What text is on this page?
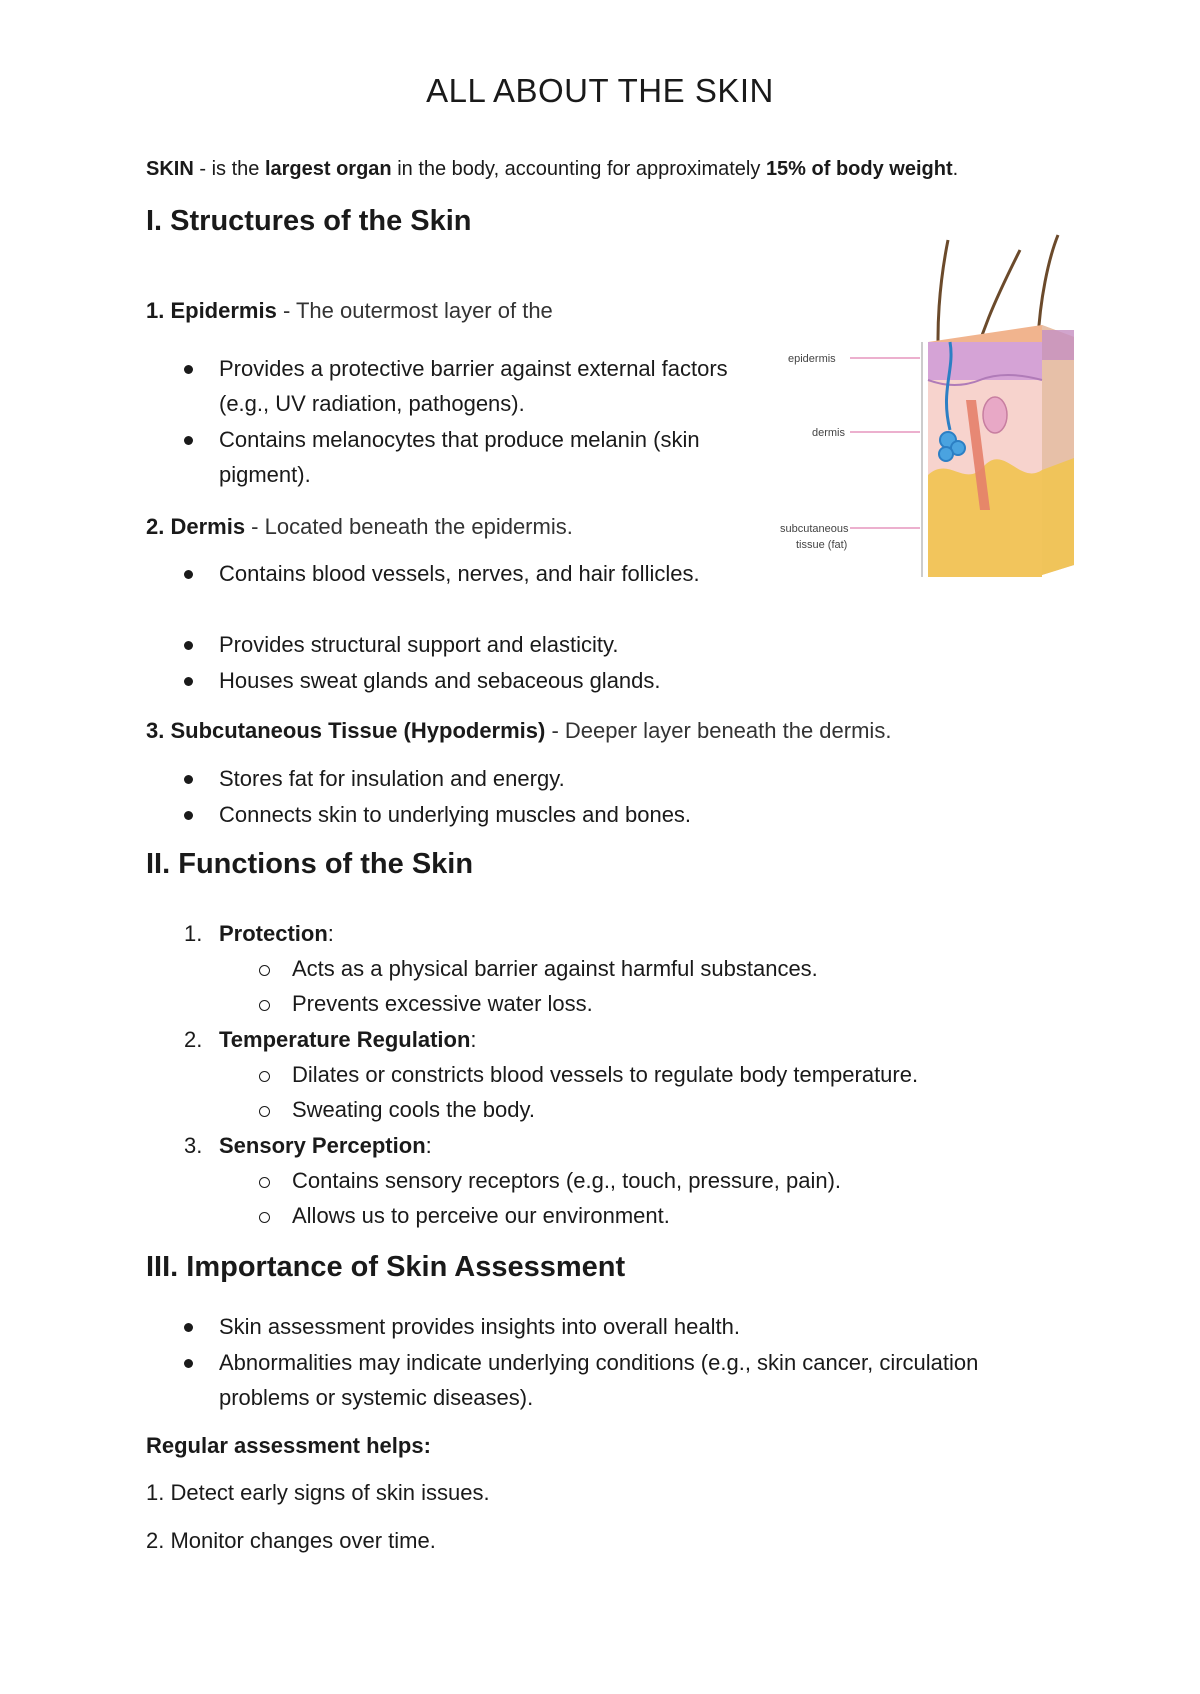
ALL ABOUT THE SKIN
SKIN - is the largest organ in the body, accounting for approximately 15% of body weight.
I. Structures of the Skin
1. Epidermis - The outermost layer of the
Provides a protective barrier against external factors (e.g., UV radiation, pathogens).
Contains melanocytes that produce melanin (skin pigment).
2. Dermis - Located beneath the epidermis.
Contains blood vessels, nerves, and hair follicles.
Provides structural support and elasticity.
Houses sweat glands and sebaceous glands.
3. Subcutaneous Tissue (Hypodermis) - Deeper layer beneath the dermis.
Stores fat for insulation and energy.
Connects skin to underlying muscles and bones.
epidermis
dermis
subcutaneous
tissue (fat)
II. Functions of the Skin
1. Protection:
Acts as a physical barrier against harmful substances.
Prevents excessive water loss.
2. Temperature Regulation:
Dilates or constricts blood vessels to regulate body temperature.
Sweating cools the body.
3. Sensory Perception:
Contains sensory receptors (e.g., touch, pressure, pain).
Allows us to perceive our environment.
III. Importance of Skin Assessment
Skin assessment provides insights into overall health.
Abnormalities may indicate underlying conditions (e.g., skin cancer, circulation problems or systemic diseases).
Regular assessment helps:
1. Detect early signs of skin issues.
2. Monitor changes over time.
